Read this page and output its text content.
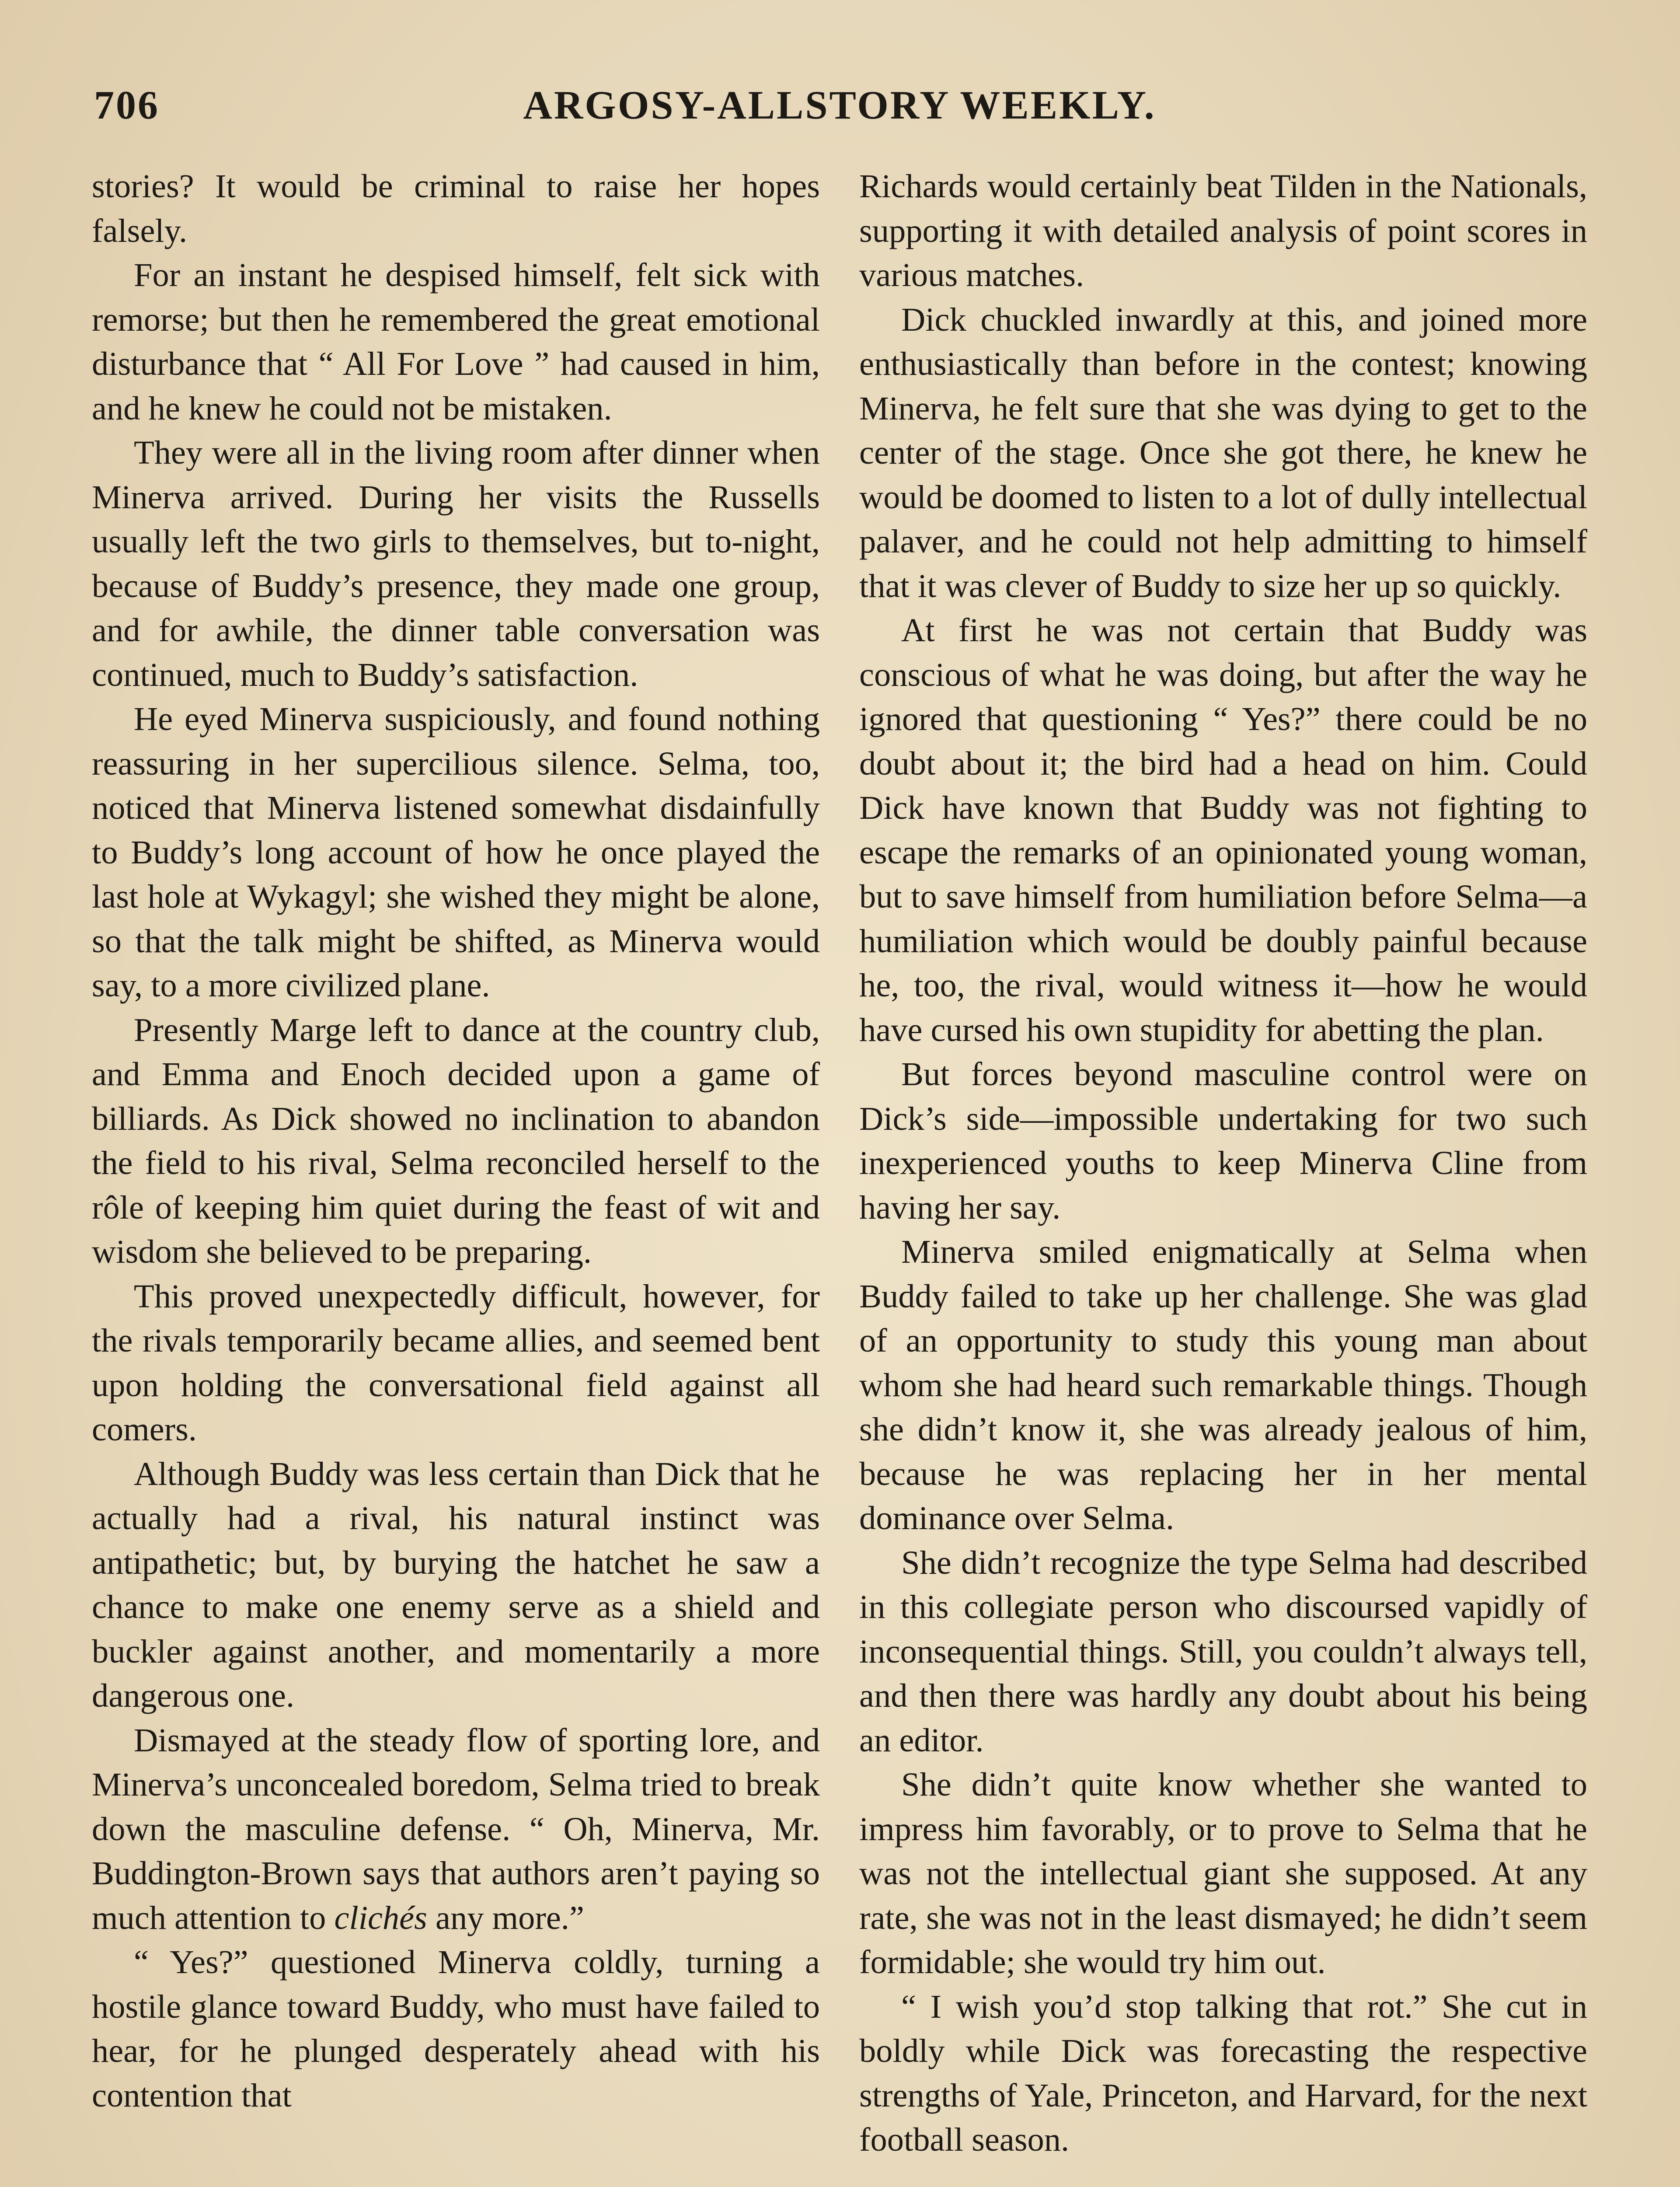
706	ARGOSY-ALLSTORY WEEKLY.

stories? It would be criminal to raise her hopes falsely.

For an instant he despised himself, felt sick with remorse; but then he remembered the great emotional disturbance that “ All For Love ” had caused in him, and he knew he could not be mistaken.

They were all in the living room after dinner when Minerva arrived. During her visits the Russells usually left the two girls to themselves, but to-night, because of Buddy’s presence, they made one group, and for awhile, the dinner table conversation was continued, much to Buddy’s satisfaction.

He eyed Minerva suspiciously, and found nothing reassuring in her supercilious silence. Selma, too, noticed that Minerva listened somewhat disdainfully to Buddy’s long account of how he once played the last hole at Wykagyl; she wished they might be alone, so that the talk might be shifted, as Minerva would say, to a more civilized plane.

Presently Marge left to dance at the country club, and Emma and Enoch decided upon a game of billiards. As Dick showed no inclination to abandon the field to his rival, Selma reconciled herself to the rôle of keeping him quiet during the feast of wit and wisdom she believed to be preparing.

This proved unexpectedly difficult, however, for the rivals temporarily became allies, and seemed bent upon holding the conversational field against all comers.

Although Buddy was less certain than Dick that he actually had a rival, his natural instinct was antipathetic; but, by burying the hatchet he saw a chance to make one enemy serve as a shield and buckler against another, and momentarily a more dangerous one.

Dismayed at the steady flow of sporting lore, and Minerva’s unconcealed boredom, Selma tried to break down the masculine defense. “ Oh, Minerva, Mr. Buddington-Brown says that authors aren’t paying so much attention to clichés any more.”

“ Yes?” questioned Minerva coldly, turning a hostile glance toward Buddy, who must have failed to hear, for he plunged desperately ahead with his contention that

Richards would certainly beat Tilden in the Nationals, supporting it with detailed analysis of point scores in various matches.

Dick chuckled inwardly at this, and joined more enthusiastically than before in the contest; knowing Minerva, he felt sure that she was dying to get to the center of the stage. Once she got there, he knew he would be doomed to listen to a lot of dully intellectual palaver, and he could not help admitting to himself that it was clever of Buddy to size her up so quickly.

At first he was not certain that Buddy was conscious of what he was doing, but after the way he ignored that questioning “ Yes?” there could be no doubt about it; the bird had a head on him. Could Dick have known that Buddy was not fighting to escape the remarks of an opinionated young woman, but to save himself from humiliation before Selma—a humiliation which would be doubly painful because he, too, the rival, would witness it—how he would have cursed his own stupidity for abetting the plan.

But forces beyond masculine control were on Dick’s side—impossible undertaking for two such inexperienced youths to keep Minerva Cline from having her say.

Minerva smiled enigmatically at Selma when Buddy failed to take up her challenge. She was glad of an opportunity to study this young man about whom she had heard such remarkable things. Though she didn’t know it, she was already jealous of him, because he was replacing her in her mental dominance over Selma.

She didn’t recognize the type Selma had described in this collegiate person who discoursed vapidly of inconsequential things. Still, you couldn’t always tell, and then there was hardly any doubt about his being an editor.

She didn’t quite know whether she wanted to impress him favorably, or to prove to Selma that he was not the intellectual giant she supposed. At any rate, she was not in the least dismayed; he didn’t seem formidable; she would try him out.

“ I wish you’d stop talking that rot.” She cut in boldly while Dick was forecasting the respective strengths of Yale, Princeton, and Harvard, for the next football season.
